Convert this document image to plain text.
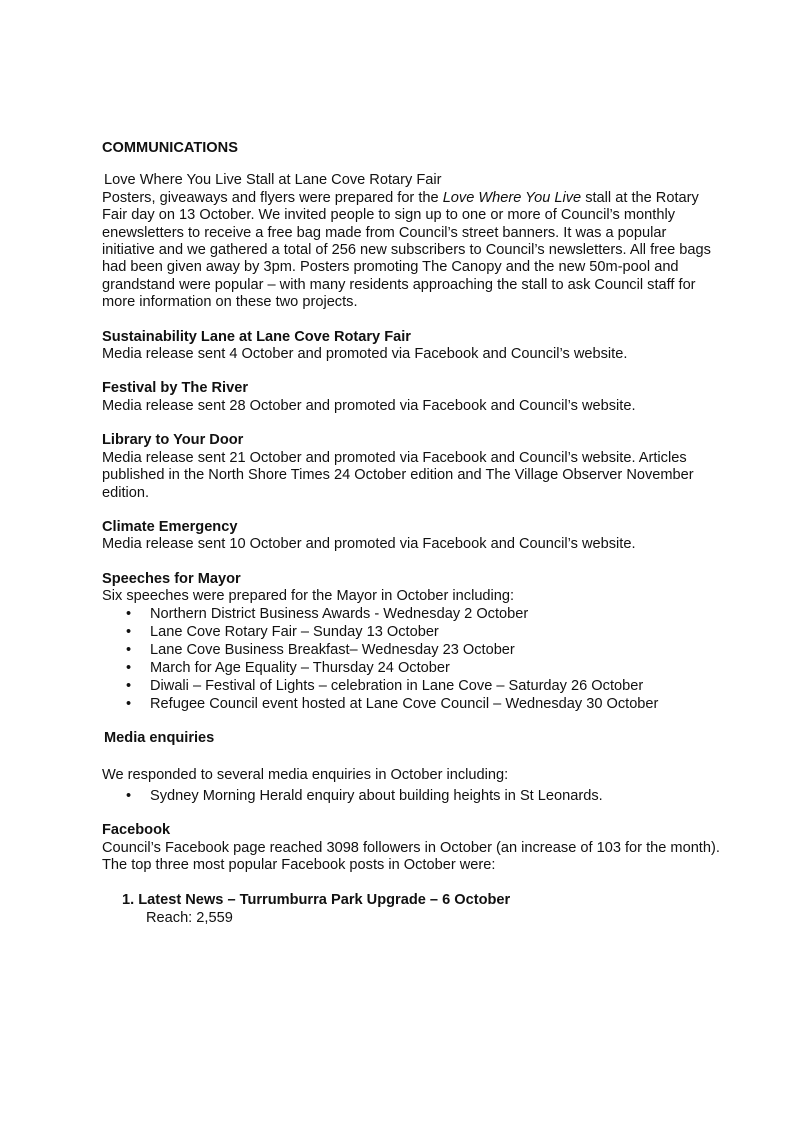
COMMUNICATIONS

Love Where You Live Stall at Lane Cove Rotary Fair

Posters, giveaways and flyers were prepared for the Love Where You Live stall at the Rotary Fair day on 13 October. We invited people to sign up to one or more of Council’s monthly enewsletters to receive a free bag made from Council’s street banners. It was a popular initiative and we gathered a total of 256 new subscribers to Council’s newsletters. All free bags had been given away by 3pm. Posters promoting The Canopy and the new 50m-pool and grandstand were popular – with many residents approaching the stall to ask Council staff for more information on these two projects.

Sustainability Lane at Lane Cove Rotary Fair

Media release sent 4 October and promoted via Facebook and Council’s website.

Festival by The River

Media release sent 28 October and promoted via Facebook and Council’s website.

Library to Your Door

Media release sent 21 October and promoted via Facebook and Council’s website. Articles published in the North Shore Times 24 October edition and The Village Observer November edition.

Climate Emergency

Media release sent 10 October and promoted via Facebook and Council’s website.

Speeches for Mayor

Six speeches were prepared for the Mayor in October including:

• Northern District Business Awards - Wednesday 2 October
• Lane Cove Rotary Fair – Sunday 13 October
• Lane Cove Business Breakfast– Wednesday 23 October
• March for Age Equality – Thursday 24 October
• Diwali – Festival of Lights – celebration in Lane Cove – Saturday 26 October
• Refugee Council event hosted at Lane Cove Council – Wednesday 30 October

Media enquiries

We responded to several media enquiries in October including:

• Sydney Morning Herald enquiry about building heights in St Leonards.

Facebook

Council’s Facebook page reached 3098 followers in October (an increase of 103 for the month). The top three most popular Facebook posts in October were:

1. Latest News – Turrumburra Park Upgrade – 6 October

Reach: 2,559
